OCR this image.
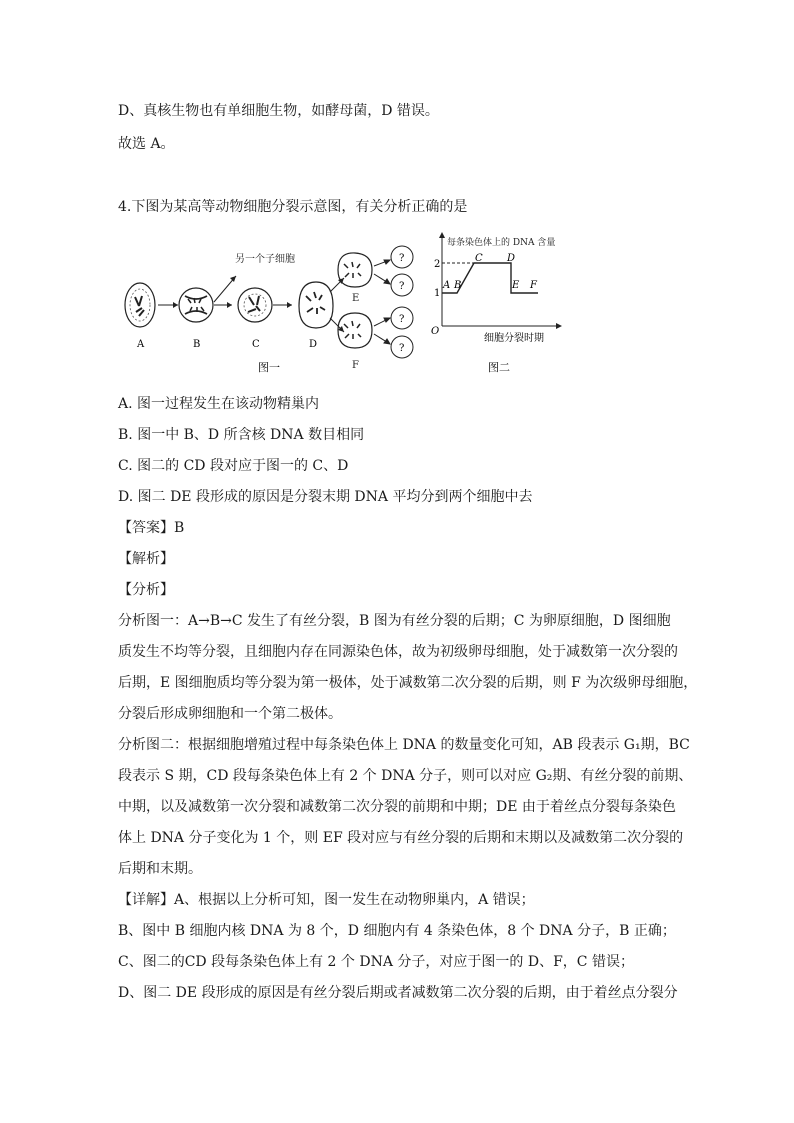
D、真核生物也有单细胞生物，如酵母菌，D 错误。
故选 A。
4.下图为某高等动物细胞分裂示意图，有关分析正确的是
另一个子细胞
E
F
?
?
?
?
A	B	C	D
图一
每条染色体上的 DNA 含量
2
1
O
A B
C D
E F
细胞分裂时期
图二
A. 图一过程发生在该动物精巢内
B. 图一中 B、D 所含核 DNA 数目相同
C. 图二的 CD 段对应于图一的 C、D
D. 图二 DE 段形成的原因是分裂末期 DNA 平均分到两个细胞中去
【答案】B
【解析】
【分析】
分析图一：A→B→C 发生了有丝分裂，B 图为有丝分裂的后期；C 为卵原细胞，D 图细胞
质发生不均等分裂，且细胞内存在同源染色体，故为初级卵母细胞，处于减数第一次分裂的
后期，E 图细胞质均等分裂为第一极体，处于减数第二次分裂的后期，则 F 为次级卵母细胞，
分裂后形成卵细胞和一个第二极体。
分析图二：根据细胞增殖过程中每条染色体上 DNA 的数量变化可知，AB 段表示 G₁期，BC
段表示 S 期，CD 段每条染色体上有 2 个 DNA 分子，则可以对应 G₂期、有丝分裂的前期、
中期，以及减数第一次分裂和减数第二次分裂的前期和中期；DE 由于着丝点分裂每条染色
体上 DNA 分子变化为 1 个，则 EF 段对应与有丝分裂的后期和末期以及减数第二次分裂的
后期和末期。
【详解】A、根据以上分析可知，图一发生在动物卵巢内，A 错误；
B、图中 B 细胞内核 DNA 为 8 个，D 细胞内有 4 条染色体，8 个 DNA 分子，B 正确；
C、图二的CD 段每条染色体上有 2 个 DNA 分子，对应于图一的 D、F，C 错误；
D、图二 DE 段形成的原因是有丝分裂后期或者减数第二次分裂的后期，由于着丝点分裂分
